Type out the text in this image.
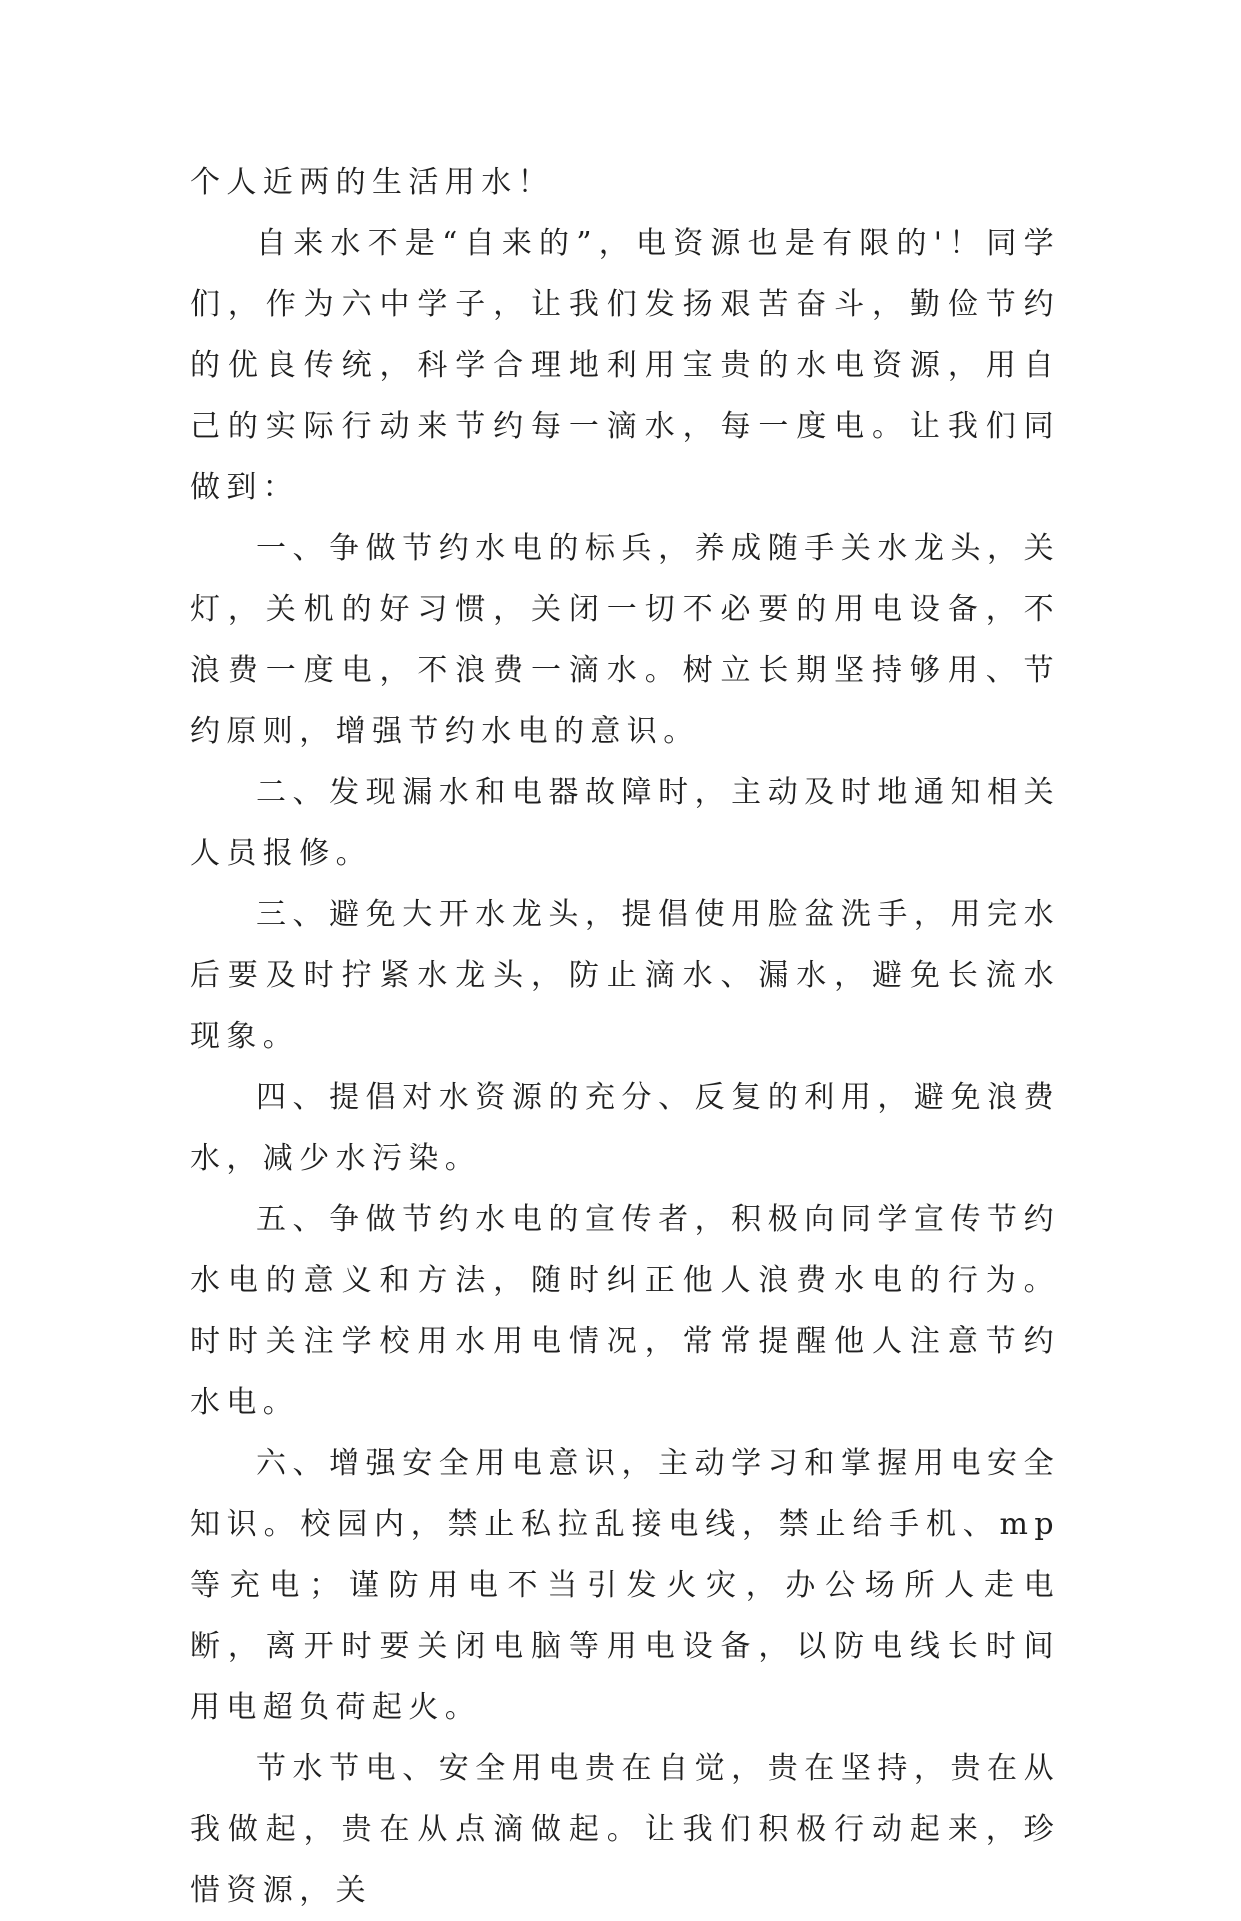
个人近两的生活用水！

自来水不是“自来的”，电资源也是有限的'！同学们，作为六中学子，让我们发扬艰苦奋斗，勤俭节约的优良传统，科学合理地利用宝贵的水电资源，用自己的实际行动来节约每一滴水，每一度电。让我们同做到：

一、争做节约水电的标兵，养成随手关水龙头，关灯，关机的好习惯，关闭一切不必要的用电设备，不浪费一度电，不浪费一滴水。树立长期坚持够用、节约原则，增强节约水电的意识。

二、发现漏水和电器故障时，主动及时地通知相关人员报修。

三、避免大开水龙头，提倡使用脸盆洗手，用完水后要及时拧紧水龙头，防止滴水、漏水，避免长流水现象。

四、提倡对水资源的充分、反复的利用，避免浪费水，减少水污染。

五、争做节约水电的宣传者，积极向同学宣传节约水电的意义和方法，随时纠正他人浪费水电的行为。时时关注学校用水用电情况，常常提醒他人注意节约水电。

六、增强安全用电意识，主动学习和掌握用电安全知识。校园内，禁止私拉乱接电线，禁止给手机、mp等充电；谨防用电不当引发火灾，办公场所人走电断，离开时要关闭电脑等用电设备，以防电线长时间用电超负荷起火。

节水节电、安全用电贵在自觉，贵在坚持，贵在从我做起，贵在从点滴做起。让我们积极行动起来，珍惜资源，关
